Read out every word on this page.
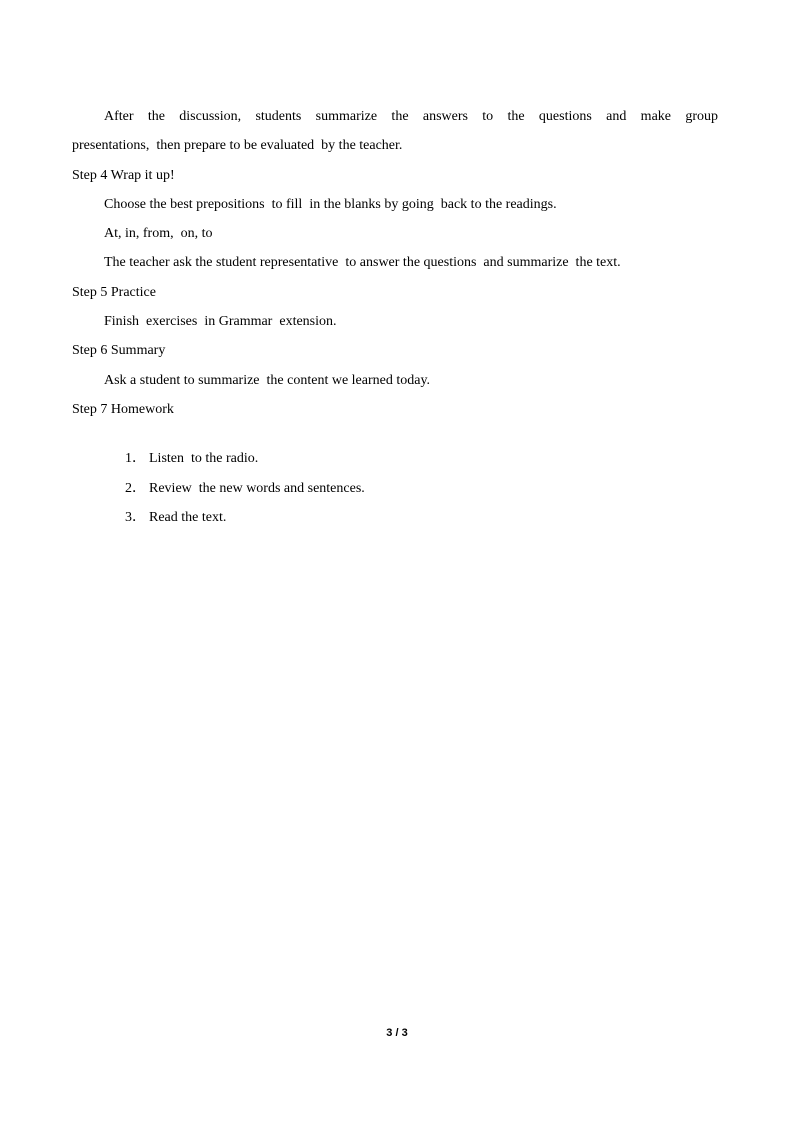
After the discussion, students summarize the answers to the questions and make group
presentations,  then prepare to be evaluated  by the teacher.
Step 4 Wrap it up!
Choose the best prepositions  to fill  in the blanks by going  back to the readings.
At, in, from,  on, to
The teacher ask the student representative  to answer the questions  and summarize  the text.
Step 5 Practice
Finish  exercises  in Grammar  extension.
Step 6 Summary
Ask a student to summarize  the content we learned today.
Step 7 Homework

1． Listen  to the radio.

2． Review  the new words and sentences.

3． Read the text.

3 / 3
